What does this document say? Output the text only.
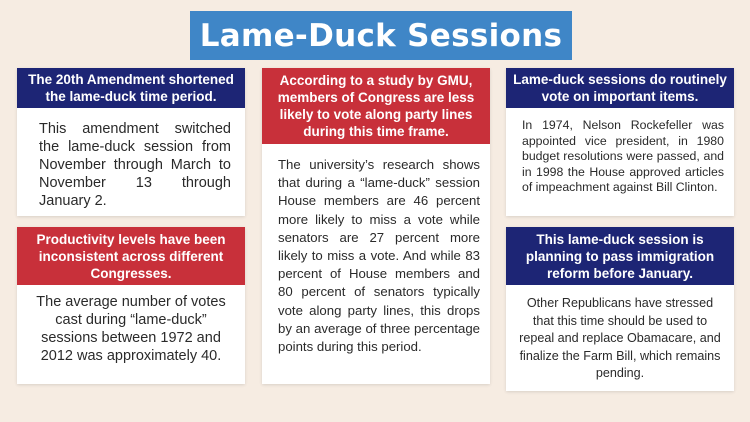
Lame-Duck Sessions
The 20th Amendment shortened the lame-duck time period.
This amendment switched the lame-duck session from November through March to November 13 through January 2.
Productivity levels have been inconsistent across different Congresses.
The average number of votes cast during “lame-duck” sessions between 1972 and 2012 was approximately 40.
According to a study by GMU, members of Congress are less likely to vote along party lines during this time frame.
The university’s research shows that during a “lame-duck” session House members are 46 percent more likely to miss a vote while senators are 27 percent more likely to miss a vote. And while 83 percent of House members and 80 percent of senators typically vote along party lines, this drops by an average of three percentage points during this period.
Lame-duck sessions do routinely vote on important items.
In 1974, Nelson Rockefeller was appointed vice president, in 1980 budget resolutions were passed, and in 1998 the House approved articles of impeachment against Bill Clinton.
This lame-duck session is planning to pass immigration reform before January.
Other Republicans have stressed that this time should be used to repeal and replace Obamacare, and finalize the Farm Bill, which remains pending.
